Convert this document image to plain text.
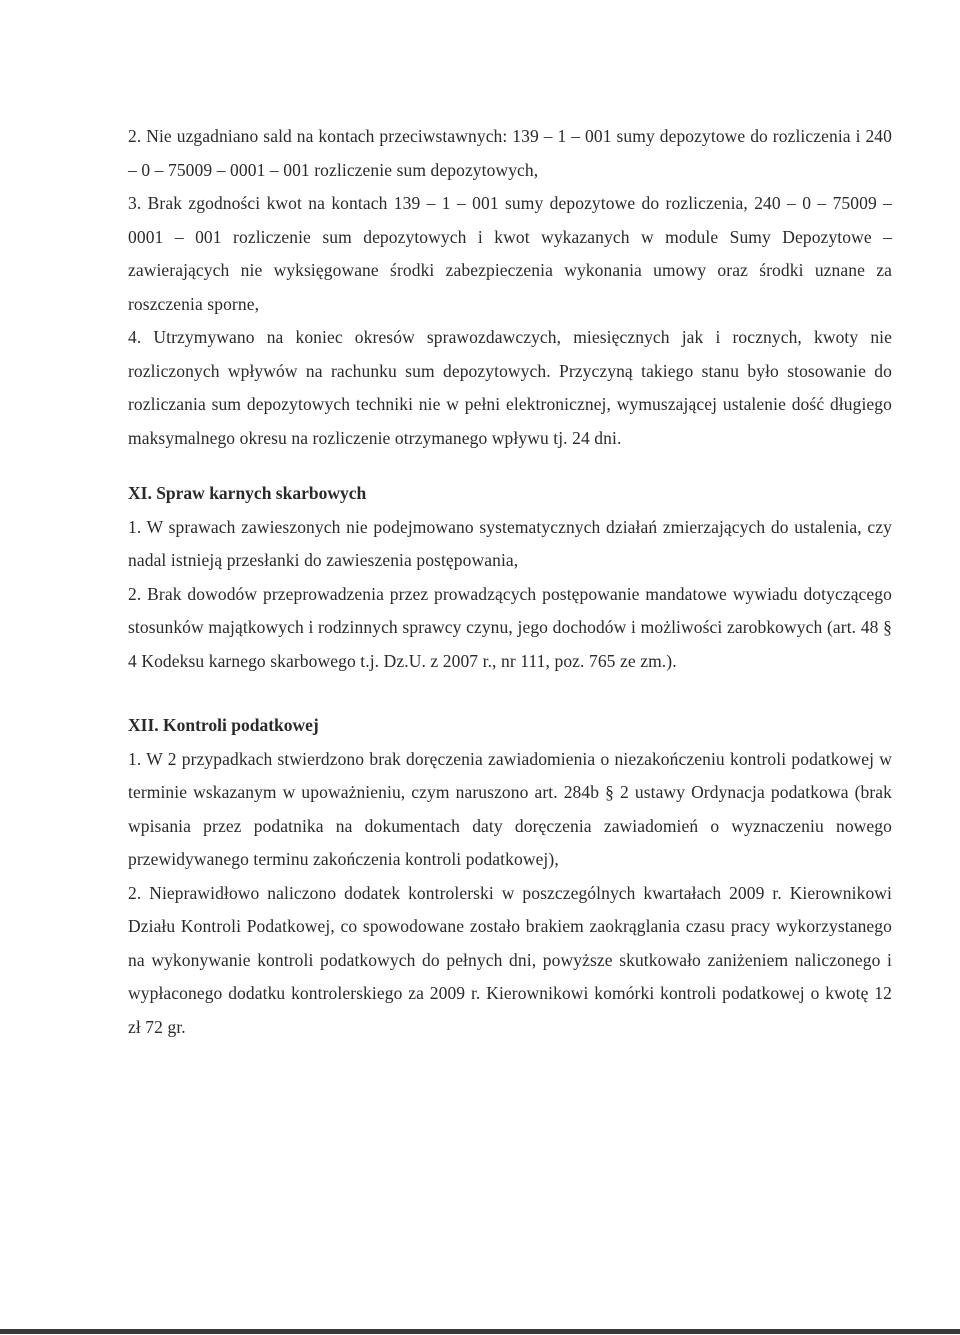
2. Nie uzgadniano sald na kontach przeciwstawnych: 139 – 1 – 001 sumy depozytowe do rozliczenia i 240 – 0 – 75009 – 0001 – 001 rozliczenie sum depozytowych,

3. Brak zgodności kwot na kontach 139 – 1 – 001 sumy depozytowe do rozliczenia, 240 – 0 – 75009 – 0001 – 001 rozliczenie sum depozytowych i kwot wykazanych w module Sumy Depozytowe – zawierających nie wyksięgowane środki zabezpieczenia wykonania umowy oraz środki uznane za roszczenia sporne,

4. Utrzymywano na koniec okresów sprawozdawczych, miesięcznych jak i rocznych, kwoty nie rozliczonych wpływów na rachunku sum depozytowych. Przyczyną takiego stanu było stosowanie do rozliczania sum depozytowych techniki nie w pełni elektronicznej, wymuszającej ustalenie dość długiego maksymalnego okresu na rozliczenie otrzymanego wpływu tj. 24 dni.

XI. Spraw karnych skarbowych

1. W sprawach zawieszonych nie podejmowano systematycznych działań zmierzających do ustalenia, czy nadal istnieją przesłanki do zawieszenia postępowania,

2. Brak dowodów przeprowadzenia przez prowadzących postępowanie mandatowe wywiadu dotyczącego stosunków majątkowych i rodzinnych sprawcy czynu, jego dochodów i możliwości zarobkowych (art. 48 § 4 Kodeksu karnego skarbowego t.j. Dz.U. z 2007 r., nr 111, poz. 765 ze zm.).

XII. Kontroli podatkowej

1. W 2 przypadkach stwierdzono brak doręczenia zawiadomienia o niezakończeniu kontroli podatkowej w terminie wskazanym w upoważnieniu, czym naruszono art. 284b § 2 ustawy Ordynacja podatkowa (brak wpisania przez podatnika na dokumentach daty doręczenia zawiadomień o wyznaczeniu nowego przewidywanego terminu zakończenia kontroli podatkowej),

2. Nieprawidłowo naliczono dodatek kontrolerski w poszczególnych kwartałach 2009 r. Kierownikowi Działu Kontroli Podatkowej, co spowodowane zostało brakiem zaokrąglania czasu pracy wykorzystanego na wykonywanie kontroli podatkowych do pełnych dni, powyższe skutkowało zaniżeniem naliczonego i wypłaconego dodatku kontrolerskiego za 2009 r. Kierownikowi komórki kontroli podatkowej o kwotę 12 zł 72 gr.
